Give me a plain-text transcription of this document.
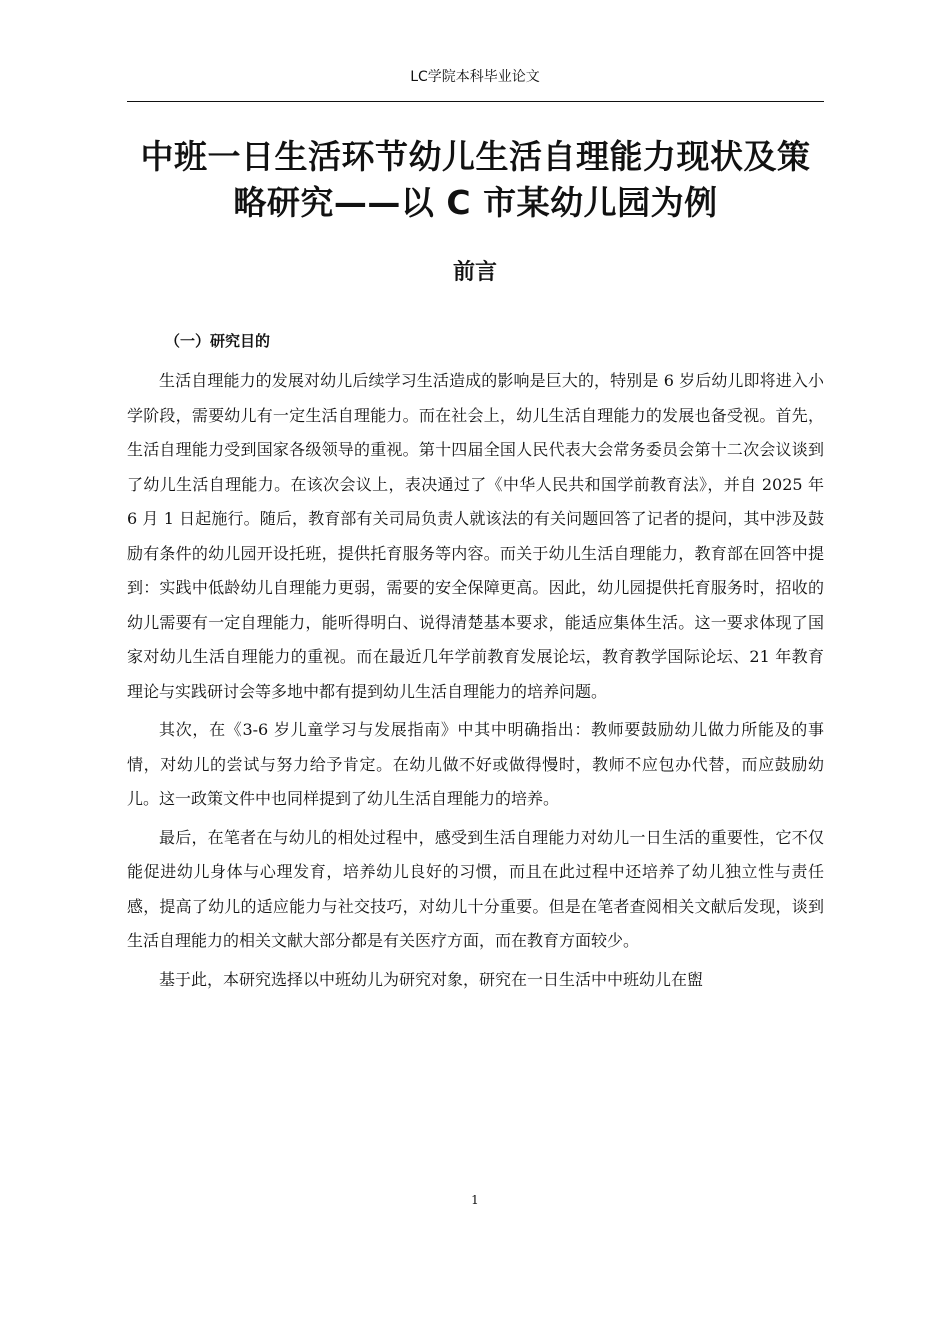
LC学院本科毕业论文
中班一日生活环节幼儿生活自理能力现状及策略研究——以 C 市某幼儿园为例
前言
（一）研究目的

生活自理能力的发展对幼儿后续学习生活造成的影响是巨大的，特别是 6 岁后幼儿即将进入小学阶段，需要幼儿有一定生活自理能力。而在社会上，幼儿生活自理能力的发展也备受视。首先，生活自理能力受到国家各级领导的重视。第十四届全国人民代表大会常务委员会第十二次会议谈到了幼儿生活自理能力。在该次会议上，表决通过了《中华人民共和国学前教育法》，并自 2025 年 6 月 1 日起施行。随后，教育部有关司局负责人就该法的有关问题回答了记者的提问，其中涉及鼓励有条件的幼儿园开设托班，提供托育服务等内容。而关于幼儿生活自理能力，教育部在回答中提到：实践中低龄幼儿自理能力更弱，需要的安全保障更高。因此，幼儿园提供托育服务时，招收的幼儿需要有一定自理能力，能听得明白、说得清楚基本要求，能适应集体生活。这一要求体现了国家对幼儿生活自理能力的重视。而在最近几年学前教育发展论坛，教育教学国际论坛、21 年教育理论与实践研讨会等多地中都有提到幼儿生活自理能力的培养问题。

其次，在《3-6 岁儿童学习与发展指南》中其中明确指出：教师要鼓励幼儿做力所能及的事情，对幼儿的尝试与努力给予肯定。在幼儿做不好或做得慢时，教师不应包办代替，而应鼓励幼儿。这一政策文件中也同样提到了幼儿生活自理能力的培养。

最后，在笔者在与幼儿的相处过程中，感受到生活自理能力对幼儿一日生活的重要性，它不仅能促进幼儿身体与心理发育，培养幼儿良好的习惯，而且在此过程中还培养了幼儿独立性与责任感，提高了幼儿的适应能力与社交技巧，对幼儿十分重要。但是在笔者查阅相关文献后发现，谈到生活自理能力的相关文献大部分都是有关医疗方面，而在教育方面较少。

基于此，本研究选择以中班幼儿为研究对象，研究在一日生活中中班幼儿在盥

1
